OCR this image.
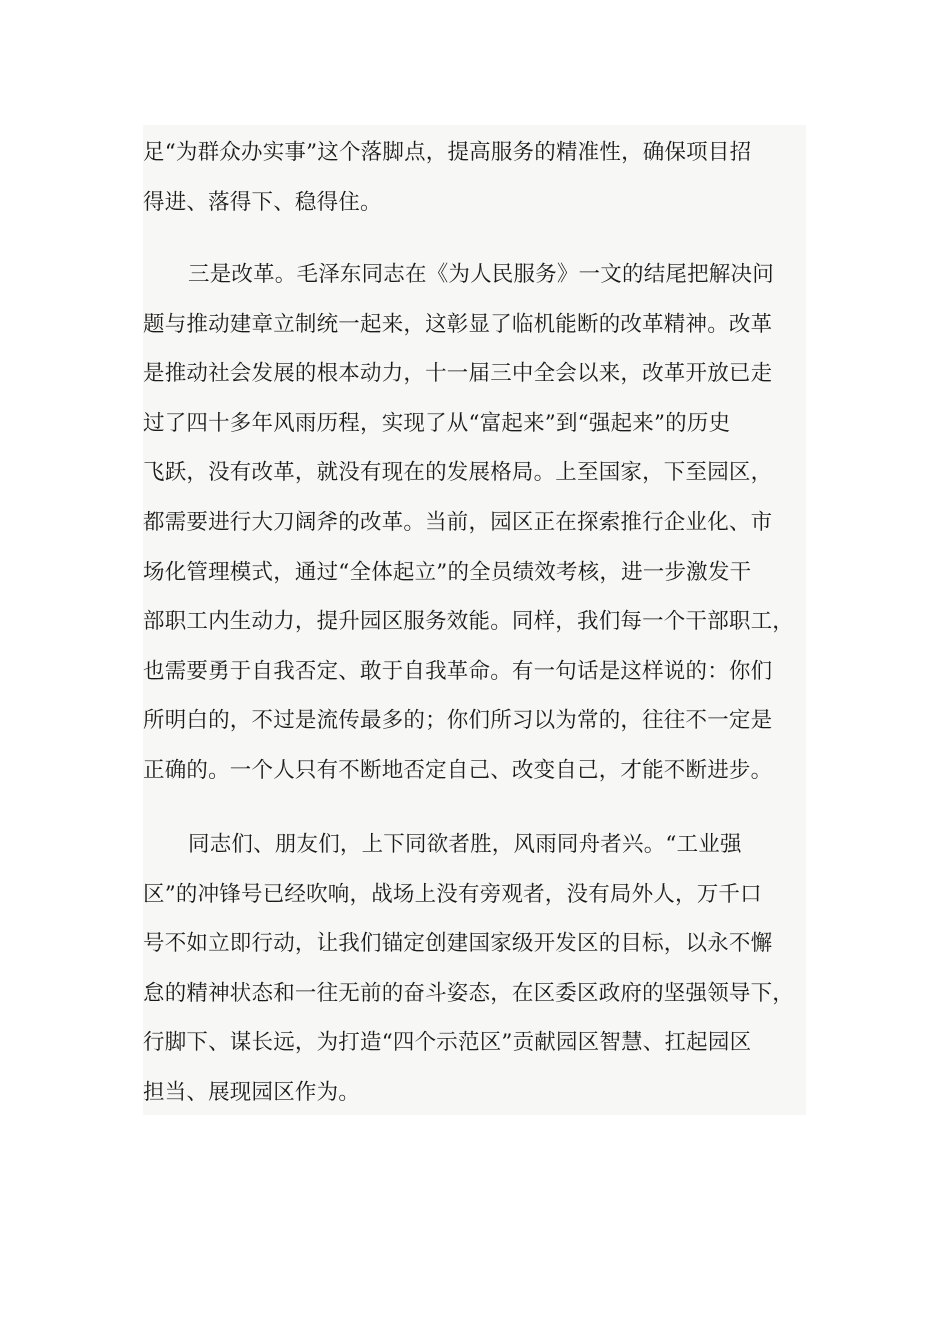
足“为群众办实事”这个落脚点，提高服务的精准性，确保项目招
得进、落得下、稳得住。

三是改革。毛泽东同志在《为人民服务》一文的结尾把解决问
题与推动建章立制统一起来，这彰显了临机能断的改革精神。改革
是推动社会发展的根本动力，十一届三中全会以来，改革开放已走
过了四十多年风雨历程，实现了从“富起来”到“强起来”的历史
飞跃，没有改革，就没有现在的发展格局。上至国家，下至园区，
都需要进行大刀阔斧的改革。当前，园区正在探索推行企业化、市
场化管理模式，通过“全体起立”的全员绩效考核，进一步激发干
部职工内生动力，提升园区服务效能。同样，我们每一个干部职工，
也需要勇于自我否定、敢于自我革命。有一句话是这样说的：你们
所明白的，不过是流传最多的；你们所习以为常的，往往不一定是
正确的。一个人只有不断地否定自己、改变自己，才能不断进步。

同志们、朋友们，上下同欲者胜，风雨同舟者兴。“工业强
区”的冲锋号已经吹响，战场上没有旁观者，没有局外人，万千口
号不如立即行动，让我们锚定创建国家级开发区的目标，以永不懈
怠的精神状态和一往无前的奋斗姿态，在区委区政府的坚强领导下，
行脚下、谋长远，为打造“四个示范区”贡献园区智慧、扛起园区
担当、展现园区作为。
